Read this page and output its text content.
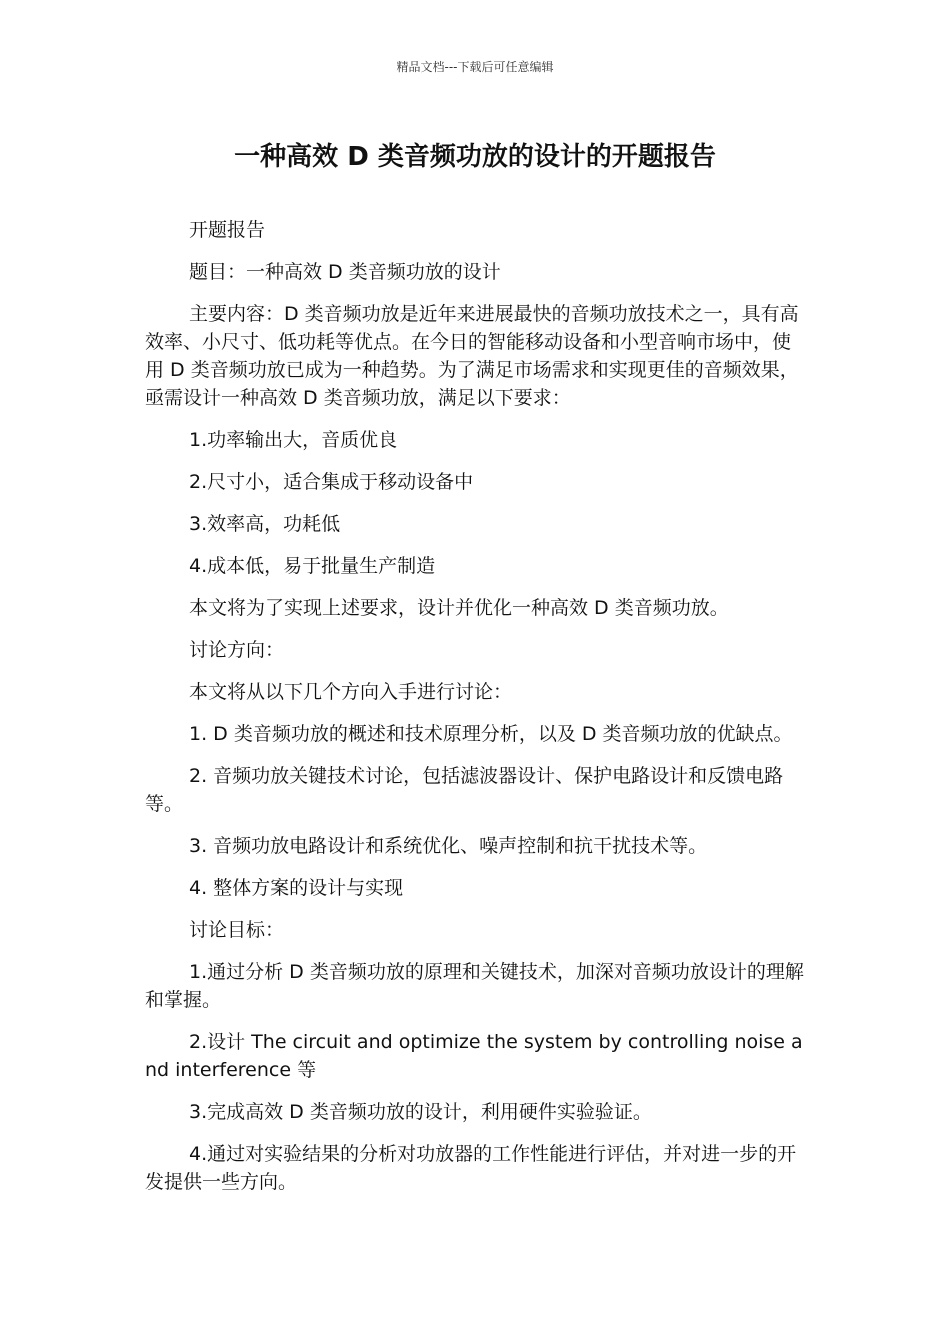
精品文档---下载后可任意编辑
一种高效 D 类音频功放的设计的开题报告

开题报告

题目：一种高效 D 类音频功放的设计

主要内容：D 类音频功放是近年来进展最快的音频功放技术之一，具有高效率、小尺寸、低功耗等优点。在今日的智能移动设备和小型音响市场中，使用 D 类音频功放已成为一种趋势。为了满足市场需求和实现更佳的音频效果，亟需设计一种高效 D 类音频功放，满足以下要求：

1.功率输出大，音质优良

2.尺寸小，适合集成于移动设备中

3.效率高，功耗低

4.成本低，易于批量生产制造

本文将为了实现上述要求，设计并优化一种高效 D 类音频功放。

讨论方向：

本文将从以下几个方向入手进行讨论：

1. D 类音频功放的概述和技术原理分析，以及 D 类音频功放的优缺点。

2. 音频功放关键技术讨论，包括滤波器设计、保护电路设计和反馈电路等。

3. 音频功放电路设计和系统优化、噪声控制和抗干扰技术等。

4. 整体方案的设计与实现

讨论目标：

1.通过分析 D 类音频功放的原理和关键技术，加深对音频功放设计的理解和掌握。

2.设计 The circuit and optimize the system by controlling noise and interference 等

3.完成高效 D 类音频功放的设计，利用硬件实验验证。

4.通过对实验结果的分析对功放器的工作性能进行评估，并对进一步的开发提供一些方向。
